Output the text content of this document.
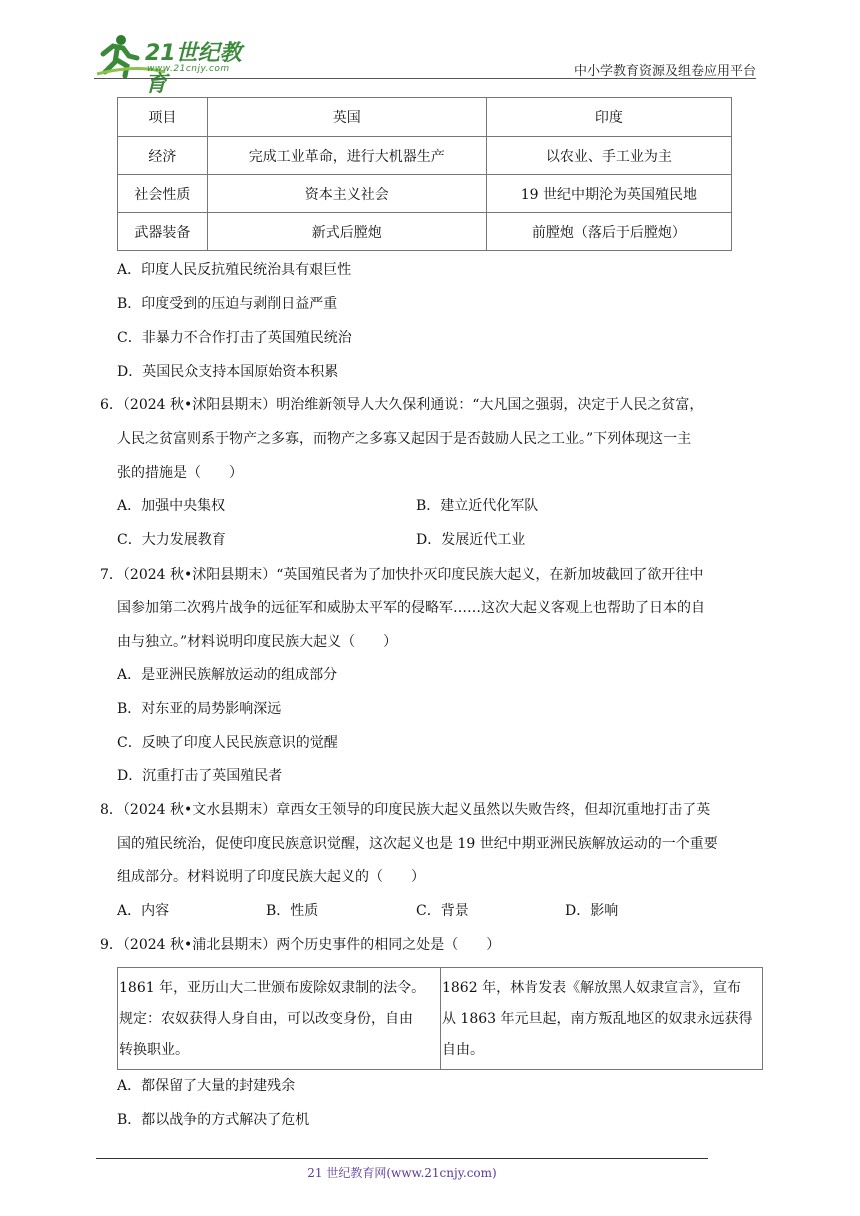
21世纪教育
www.21cnjy.com	中小学教育资源及组卷应用平台
项目	英国	印度
经济	完成工业革命，进行大机器生产	以农业、手工业为主
社会性质	资本主义社会	19 世纪中期沦为英国殖民地
武器装备	新式后膛炮	前膛炮（落后于后膛炮）
A．印度人民反抗殖民统治具有艰巨性
B．印度受到的压迫与剥削日益严重
C．非暴力不合作打击了英国殖民统治
D．英国民众支持本国原始资本积累
6．（2024 秋•沭阳县期末）明治维新领导人大久保利通说：“大凡国之强弱，决定于人民之贫富，
人民之贫富则系于物产之多寡，而物产之多寡又起因于是否鼓励人民之工业。”下列体现这一主
张的措施是（　　）
A．加强中央集权	B．建立近代化军队
C．大力发展教育	D．发展近代工业
7．（2024 秋•沭阳县期末）“英国殖民者为了加快扑灭印度民族大起义，在新加坡截回了欲开往中
国参加第二次鸦片战争的远征军和威胁太平军的侵略军……这次大起义客观上也帮助了日本的自
由与独立。”材料说明印度民族大起义（　　）
A．是亚洲民族解放运动的组成部分
B．对东亚的局势影响深远
C．反映了印度人民民族意识的觉醒
D．沉重打击了英国殖民者
8．（2024 秋•文水县期末）章西女王领导的印度民族大起义虽然以失败告终，但却沉重地打击了英
国的殖民统治，促使印度民族意识觉醒，这次起义也是 19 世纪中期亚洲民族解放运动的一个重要
组成部分。材料说明了印度民族大起义的（　　）
A．内容	B．性质	C．背景	D．影响
9．（2024 秋•浦北县期末）两个历史事件的相同之处是（　　）
1861 年，亚历山大二世颁布废除奴隶制的法令。
规定：农奴获得人身自由，可以改变身份，自由
转换职业。

1862 年，林肯发表《解放黑人奴隶宣言》，宣布
从 1863 年元旦起，南方叛乱地区的奴隶永远获得
自由。
A．都保留了大量的封建残余
B．都以战争的方式解决了危机
21 世纪教育网(www.21cnjy.com)
